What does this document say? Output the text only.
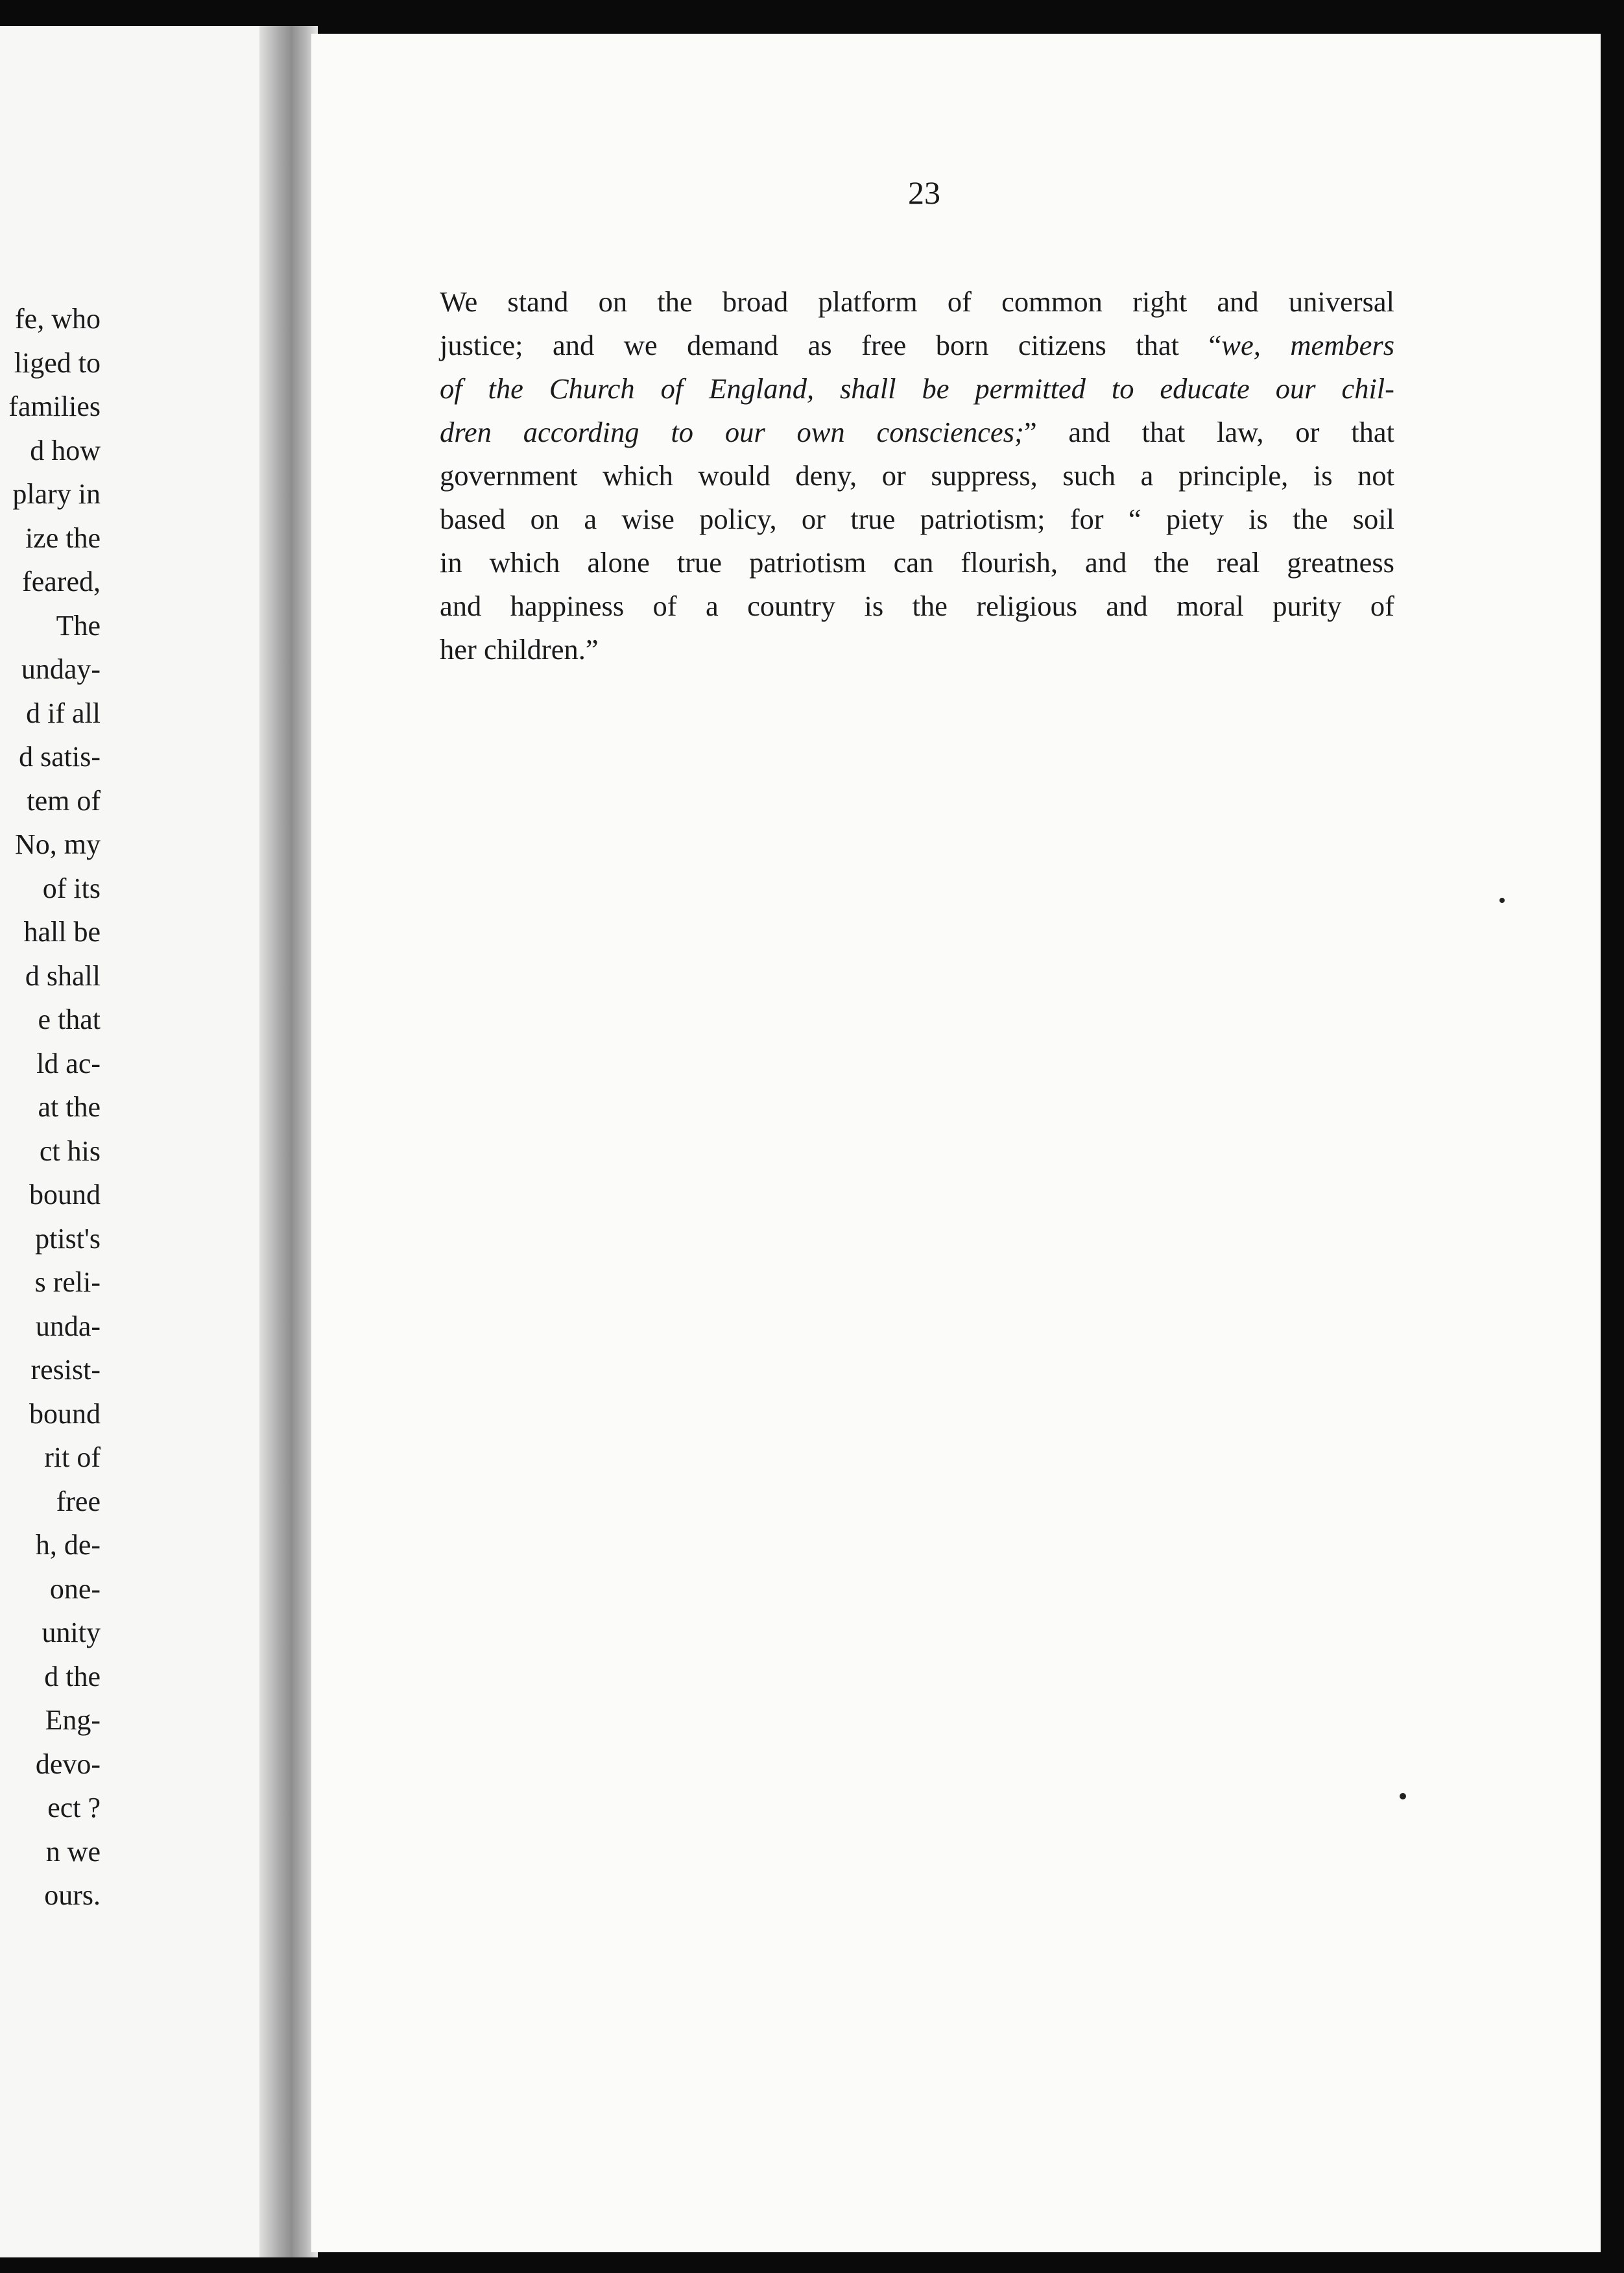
fe, who
liged to
families
d how
plary in
ize the
feared,
The
unday-
d if all
d satis-
tem of
No, my
of its
hall be
d shall
e that
ld ac-
at the
ct his
bound
ptist's
s reli-
unda-
resist-
bound
rit of
free
h, de-
one-
unity
d the
Eng-
devo-
ect ?
n we
ours.
23
We stand on the broad platform of common right and universal
justice; and we demand as free born citizens that “we, members
of the Church of England, shall be permitted to educate our chil-
dren according to our own consciences;” and that law, or that
government which would deny, or suppress, such a principle, is not
based on a wise policy, or true patriotism; for “ piety is the soil
in which alone true patriotism can flourish, and the real greatness
and happiness of a country is the religious and moral purity of
her children.”
